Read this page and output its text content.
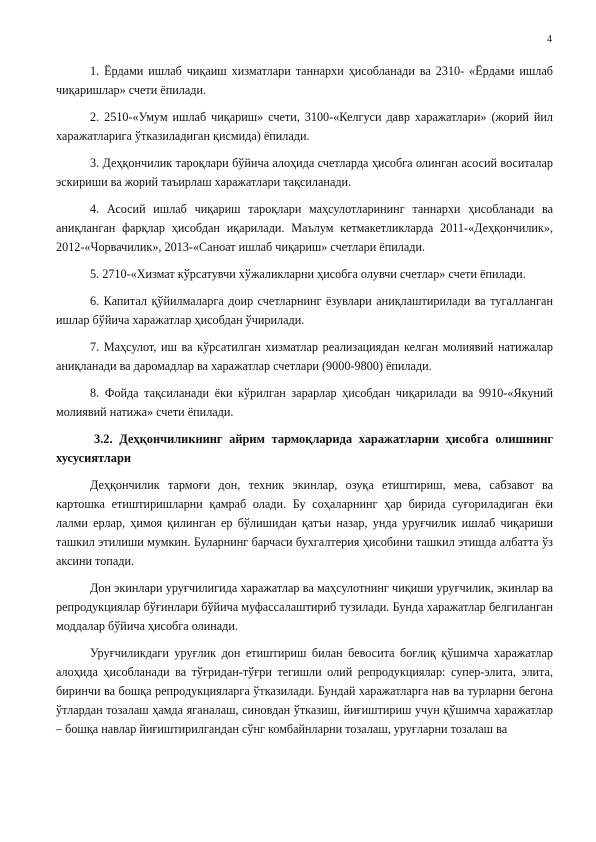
4

1. Ёрдами ишлаб чиқаиш хизматлари таннархи ҳисобланади ва 2310- «Ёрдами ишлаб чиқаришлар» счети ёпилади.

2. 2510-«Умум ишлаб чиқариш» счети, 3100-«Келгуси давр харажатлари» (жорий йил харажатларига ўтказиладиган қисмида) ёпилади.

3. Деҳқончилик тароқлари бўйича алоҳида счетларда ҳисобга олинган асосий воситалар эскириши ва жорий таъирлаш харажатлари тақсиланади.

4. Асосий ишлаб чиқариш тароқлари маҳсулотларининг таннархи ҳисобланади ва аниқланган фарқлар ҳисобдан иқарилади. Маълум кетмакетликларда 2011-«Деҳқончилик», 2012-«Чорвачилик», 2013-«Саноат ишлаб чиқариш» счетлари ёпилади.

5. 2710-«Хизмат кўрсатувчи хўжаликларни ҳисобга олувчи счетлар» счети ёпилади.

6. Капитал қўйилмаларга доир счетларнинг ёзувлари аниқлаштирилади ва тугалланган ишлар бўйича харажатлар ҳисобдан ўчирилади.

7. Маҳсулот, иш ва кўрсатилган хизматлар реализациядан келган молиявий натижалар аниқланади ва даромадлар ва харажатлар счетлари (9000-9800) ёпилади.

8. Фойда тақсиланади ёки кўрилган зарарлар ҳисобдан чиқарилади ва 9910-«Якуний молиявий натижа» счети ёпилади.

3.2. Деҳқончиликнинг айрим тармоқларида харажатларни ҳисобга олишнинг хусусиятлари

Деҳқончилик тармоғи дон, техник экинлар, озуқа етиштириш, мева, сабзавот ва картошка етиштиришларни қамраб олади. Бу соҳаларнинг ҳар бирида суғориладиган ёки лалми ерлар, ҳимоя қилинган ер бўлишидан қатъи назар, унда уруғчилик ишлаб чиқариши ташкил этилиши мумкин. Буларнинг барчаси бухгалтерия ҳисобини ташкил этишда албатта ўз аксини топади.

Дон экинлари уруғчилигида харажатлар ва маҳсулотнинг чиқиши уруғчилик, экинлар ва репродукциялар бўғинлари бўйича муфассалаштириб тузилади. Бунда харажатлар белгиланган моддалар бўйича ҳисобга олинади.

Уруғчиликдаги уруғлик дон етиштириш билан бевосита боғлиқ қўшимча харажатлар алоҳида ҳисобланади ва тўғридан-тўғри тегишли олий репродукциялар: супер-элита, элита, биринчи ва бошқа репродукцияларга ўтказилади. Бундай харажатларга нав ва турларни бегона ўтлардан тозалаш ҳамда яганалаш, синовдан ўтказиш, йиғиштириш учун қўшимча харажатлар – бошқа навлар йиғиштирилгандан сўнг комбайнларни тозалаш, уруғларни тозалаш ва
